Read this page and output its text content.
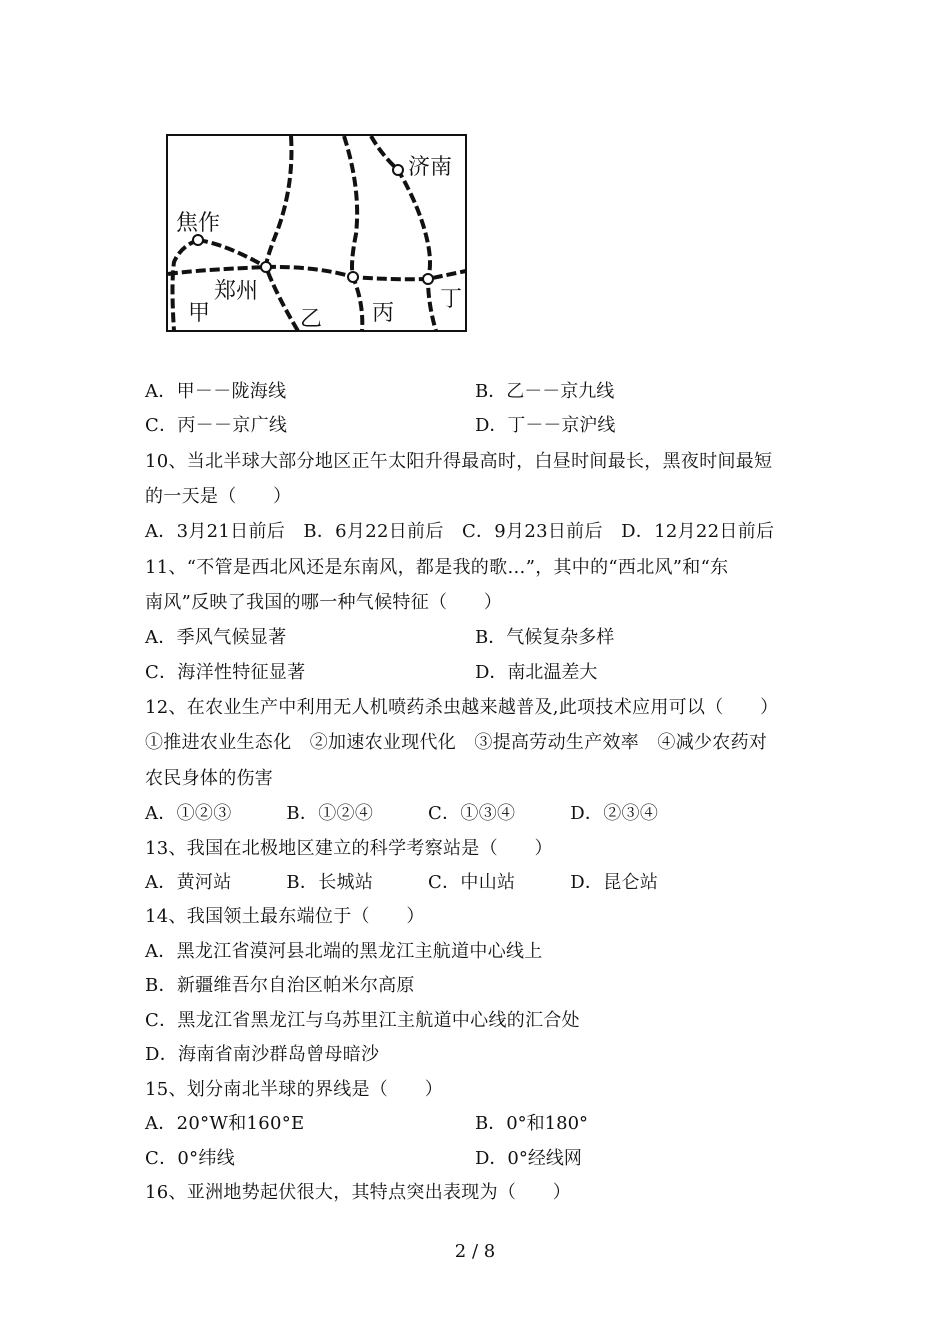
济南
焦作
郑州
甲	乙 丙
丁
A．甲－－陇海线	B．乙－－京九线
C．丙－－京广线	D．丁－－京沪线
10、当北半球大部分地区正午太阳升得最高时，白昼时间最长，黑夜时间最短
的一天是（　　）
A．3月21日前后　B．6月22日前后　C．9月23日前后　D．12月22日前后
11、“不管是西北风还是东南风，都是我的歌…”，其中的“西北风”和“东
南风”反映了我国的哪一种气候特征（　　）
A．季风气候显著	B．气候复杂多样
C．海洋性特征显著	D．南北温差大
12、在农业生产中利用无人机喷药杀虫越来越普及,此项技术应用可以（　　）
①推进农业生态化　②加速农业现代化　③提高劳动生产效率　④减少农药对
农民身体的伤害
A．①②③　　　B．①②④　　　C．①③④　　　D．②③④
13、我国在北极地区建立的科学考察站是（　　）
A．黄河站　　　B．长城站　　　C．中山站　　　D．昆仑站
14、我国领土最东端位于（　　）
A．黑龙江省漠河县北端的黑龙江主航道中心线上
B．新疆维吾尔自治区帕米尔高原
C．黑龙江省黑龙江与乌苏里江主航道中心线的汇合处
D．海南省南沙群岛曾母暗沙
15、划分南北半球的界线是（　　）
A．20°W和160°E	B．0°和180°
C．0°纬线	D．0°经线网
16、亚洲地势起伏很大，其特点突出表现为（　　）
2 / 8
